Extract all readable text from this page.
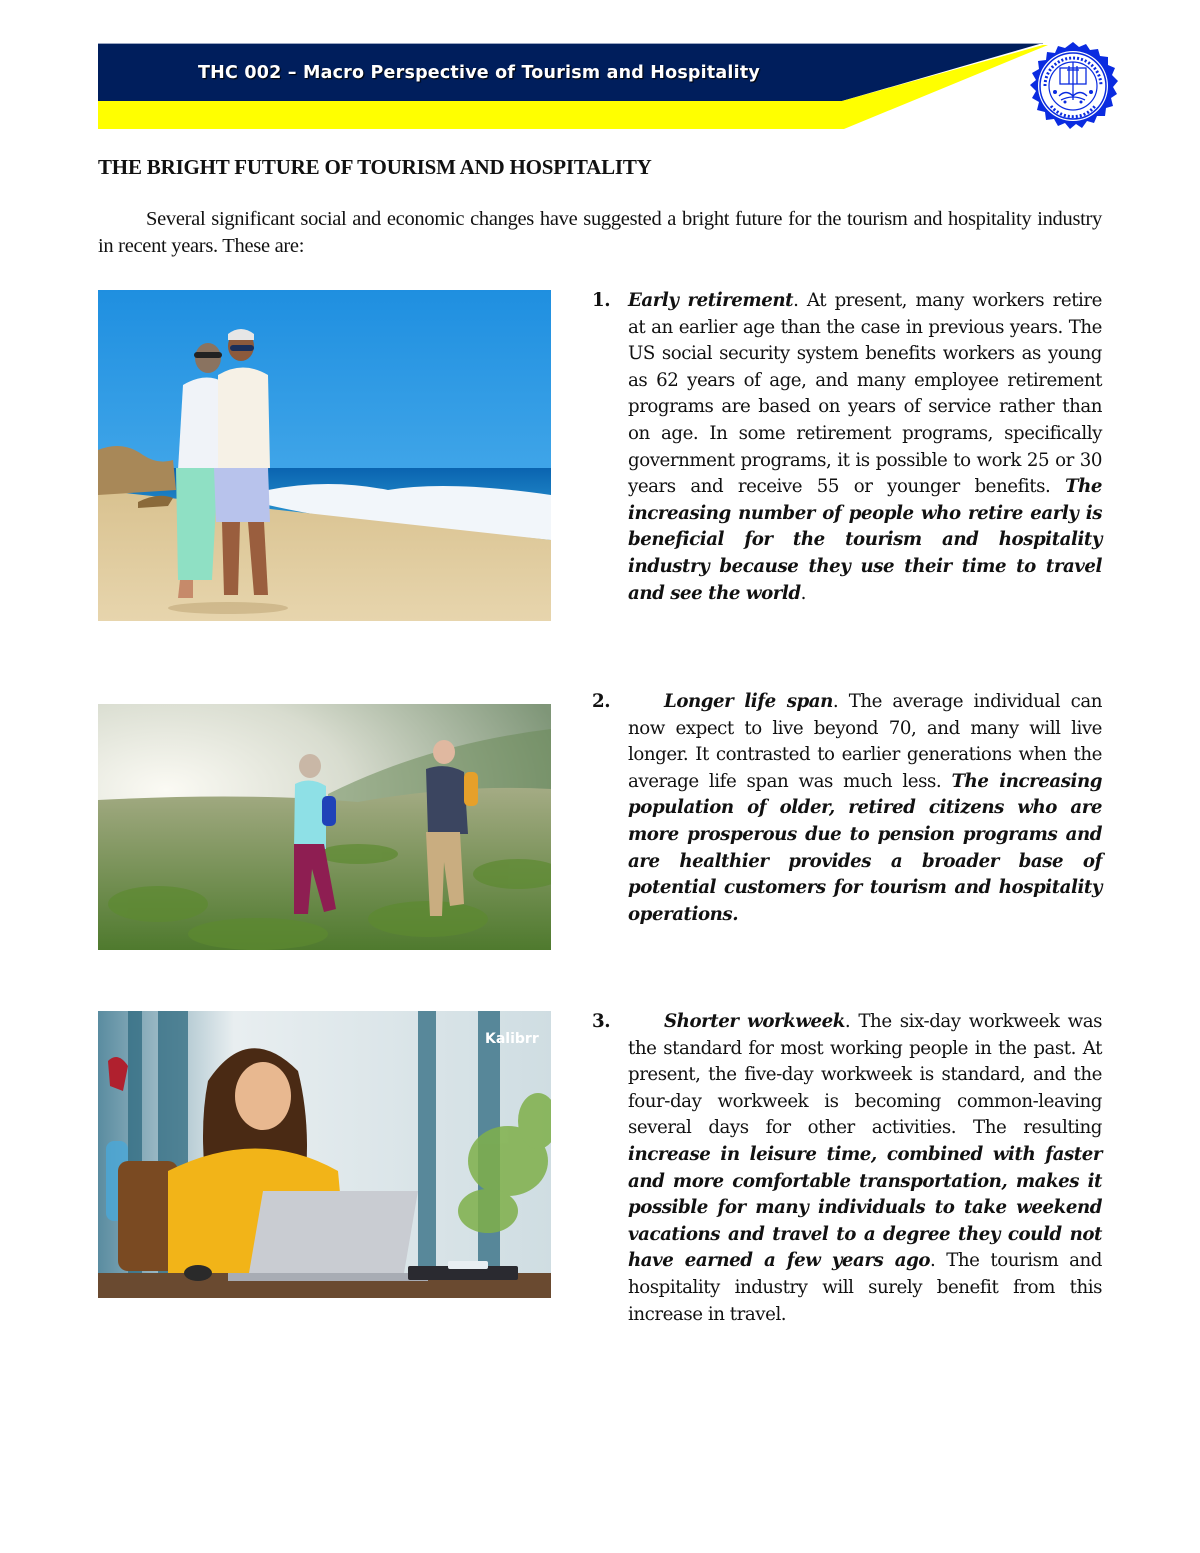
THC 002 – Macro Perspective of Tourism and Hospitality
THE BRIGHT FUTURE OF TOURISM AND HOSPITALITY
Several significant social and economic changes have suggested a bright future for the tourism and hospitality industry in recent years. These are:
Kalibrr
1. Early retirement. At present, many workers retire at an earlier age than the case in previous years. The US social security system benefits workers as young as 62 years of age, and many employee retirement programs are based on years of service rather than on age. In some retirement programs, specifically government programs, it is possible to work 25 or 30 years and receive 55 or younger benefits. The increasing number of people who retire early is beneficial for the tourism and hospitality industry because they use their time to travel and see the world.
2.	Longer life span. The average individual can now expect to live beyond 70, and many will live longer. It contrasted to earlier generations when the average life span was much less. The increasing population of older, retired citizens who are more prosperous due to pension programs and are healthier provides a broader base of potential customers for tourism and hospitality operations.
3.	Shorter workweek. The six-day workweek was the standard for most working people in the past. At present, the five-day workweek is standard, and the four-day workweek is becoming common-leaving several days for other activities. The resulting increase in leisure time, combined with faster and more comfortable transportation, makes it possible for many individuals to take weekend vacations and travel to a degree they could not have earned a few years ago. The tourism and hospitality industry will surely benefit from this increase in travel.
